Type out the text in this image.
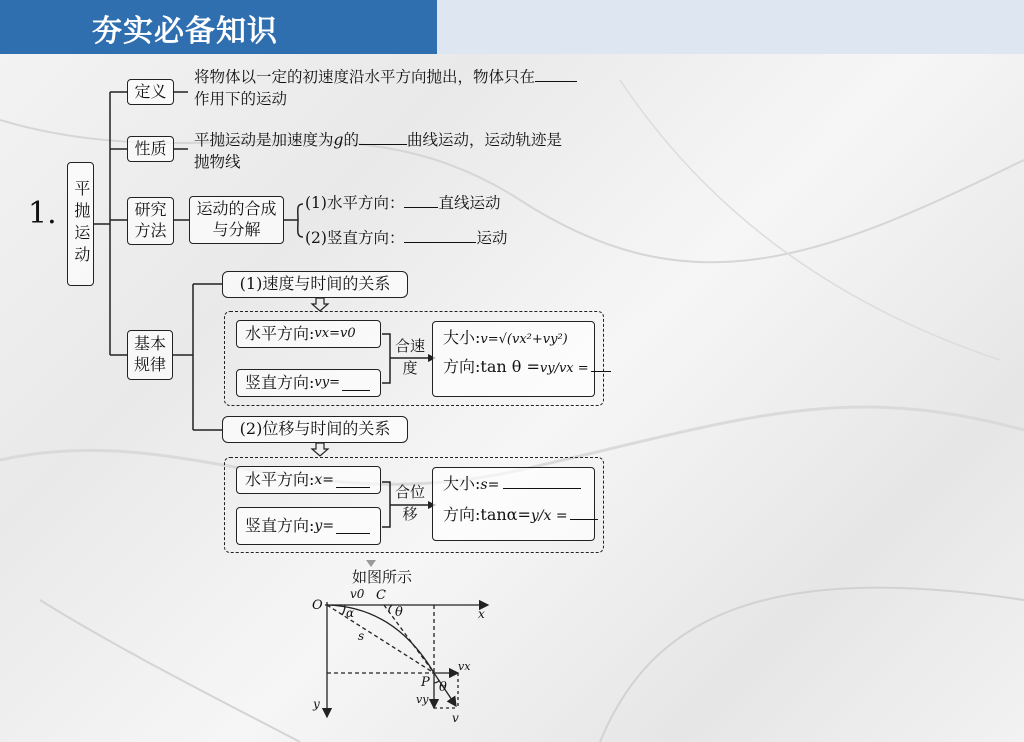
夯实必备知识
1. 平抛运动
定义
将物体以一定的初速度沿水平方向抛出，物体只在
作用下的运动
性质 平抛运动是加速度为g的	曲线运动，运动轨迹是
抛物线
研究方法
运动的合成与分解
(1)水平方向： 直线运动
(2)竖直方向：	运动
基本规律
(1)速度与时间的关系
水平方向: vx=v0
竖直方向: vy=
合速度
大小:v=√(vx²+vy²)
方向:tan θ =vy/vx =
(2)位移与时间的关系
水平方向: x=
竖直方向: y=
合位移
大小:s=
方向:tanα=y/x =
如图所示
O
v0 C
θ	x
α
s
P
vx
θ
vy
v
y
